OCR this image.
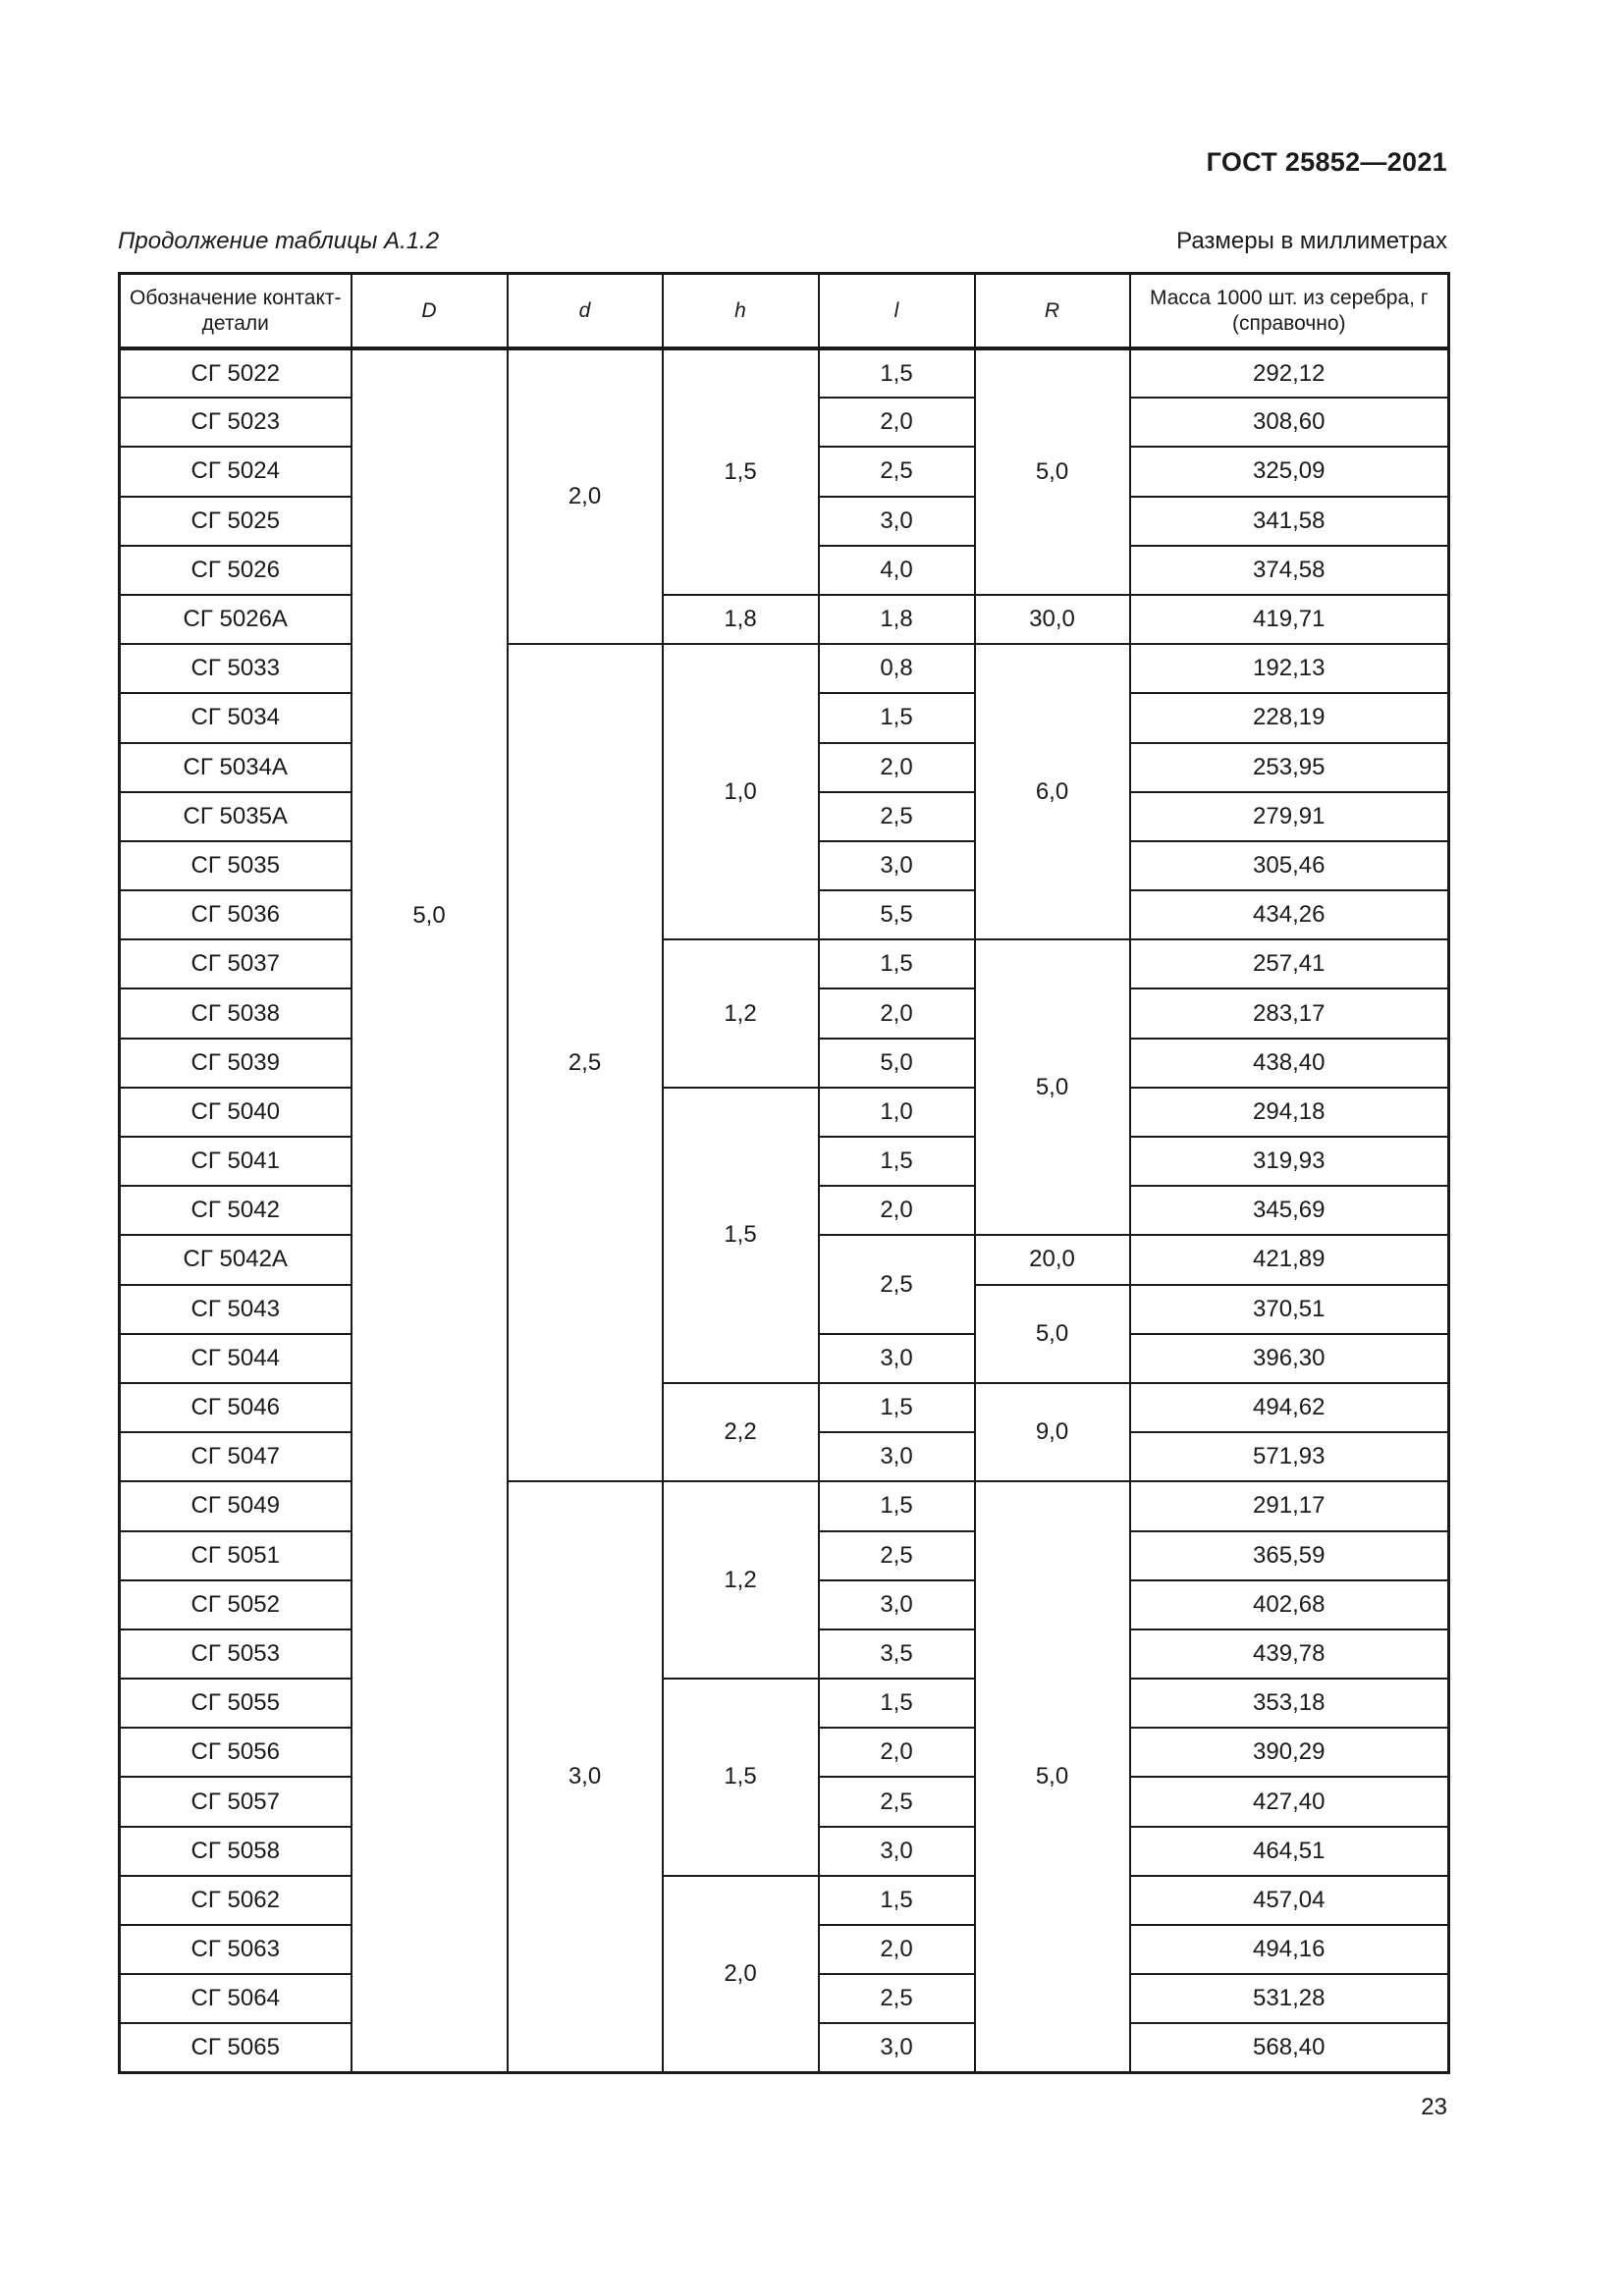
ГОСТ 25852—2021
Продолжение таблицы А.1.2	Размеры в миллиметрах
Обозначение контакт-детали	D	d	h	l	R	Масса 1000 шт. из серебра, г (справочно)
СГ 5022	5,0	2,0	1,5	1,5	5,0	292,12
СГ 5023				2,0		308,60
СГ 5024				2,5		325,09
СГ 5025				3,0		341,58
СГ 5026				4,0		374,58
СГ 5026А			1,8	1,8	30,0	419,71
СГ 5033		2,5	1,0	0,8	6,0	192,13
СГ 5034				1,5		228,19
СГ 5034А				2,0		253,95
СГ 5035А				2,5		279,91
СГ 5035				3,0		305,46
СГ 5036				5,5		434,26
СГ 5037			1,2	1,5	5,0	257,41
СГ 5038				2,0		283,17
СГ 5039				5,0		438,40
СГ 5040			1,5	1,0		294,18
СГ 5041				1,5		319,93
СГ 5042				2,0		345,69
СГ 5042А				2,5	20,0	421,89
СГ 5043					5,0	370,51
СГ 5044				3,0		396,30
СГ 5046			2,2	1,5	9,0	494,62
СГ 5047				3,0		571,93
СГ 5049		3,0	1,2	1,5	5,0	291,17
СГ 5051				2,5		365,59
СГ 5052				3,0		402,68
СГ 5053				3,5		439,78
СГ 5055			1,5	1,5		353,18
СГ 5056				2,0		390,29
СГ 5057				2,5		427,40
СГ 5058				3,0		464,51
СГ 5062			2,0	1,5		457,04
СГ 5063				2,0		494,16
СГ 5064				2,5		531,28
СГ 5065				3,0		568,40
23
